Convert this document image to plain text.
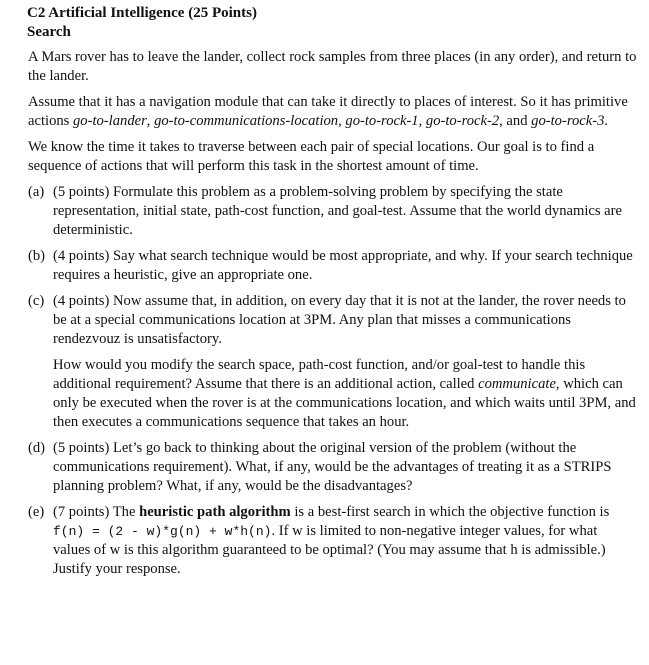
C2 Artificial Intelligence (25 Points)
Search

A Mars rover has to leave the lander, collect rock samples from three places (in any order), and return to the lander.

Assume that it has a navigation module that can take it directly to places of interest. So it has primitive actions go-to-lander, go-to-communications-location, go-to-rock-1, go-to-rock-2, and go-to-rock-3.

We know the time it takes to traverse between each pair of special locations. Our goal is to find a sequence of actions that will perform this task in the shortest amount of time.

(a) (5 points) Formulate this problem as a problem-solving problem by specifying the state representation, initial state, path-cost function, and goal-test. Assume that the world dynamics are deterministic.

(b) (4 points) Say what search technique would be most appropriate, and why. If your search technique requires a heuristic, give an appropriate one.

(c) (4 points) Now assume that, in addition, on every day that it is not at the lander, the rover needs to be at a special communications location at 3PM. Any plan that misses a communications rendezvouz is unsatisfactory.

How would you modify the search space, path-cost function, and/or goal-test to handle this additional requirement? Assume that there is an additional action, called communicate, which can only be executed when the rover is at the communications location, and which waits until 3PM, and then executes a communications sequence that takes an hour.

(d) (5 points) Let’s go back to thinking about the original version of the problem (without the communications requirement). What, if any, would be the advantages of treating it as a STRIPS planning problem? What, if any, would be the disadvantages?

(e) (7 points) The heuristic path algorithm is a best-first search in which the objective function is f(n) = (2 - w)*g(n) + w*h(n). If w is limited to non-negative integer values, for what values of w is this algorithm guaranteed to be optimal? (You may assume that h is admissible.) Justify your response.
